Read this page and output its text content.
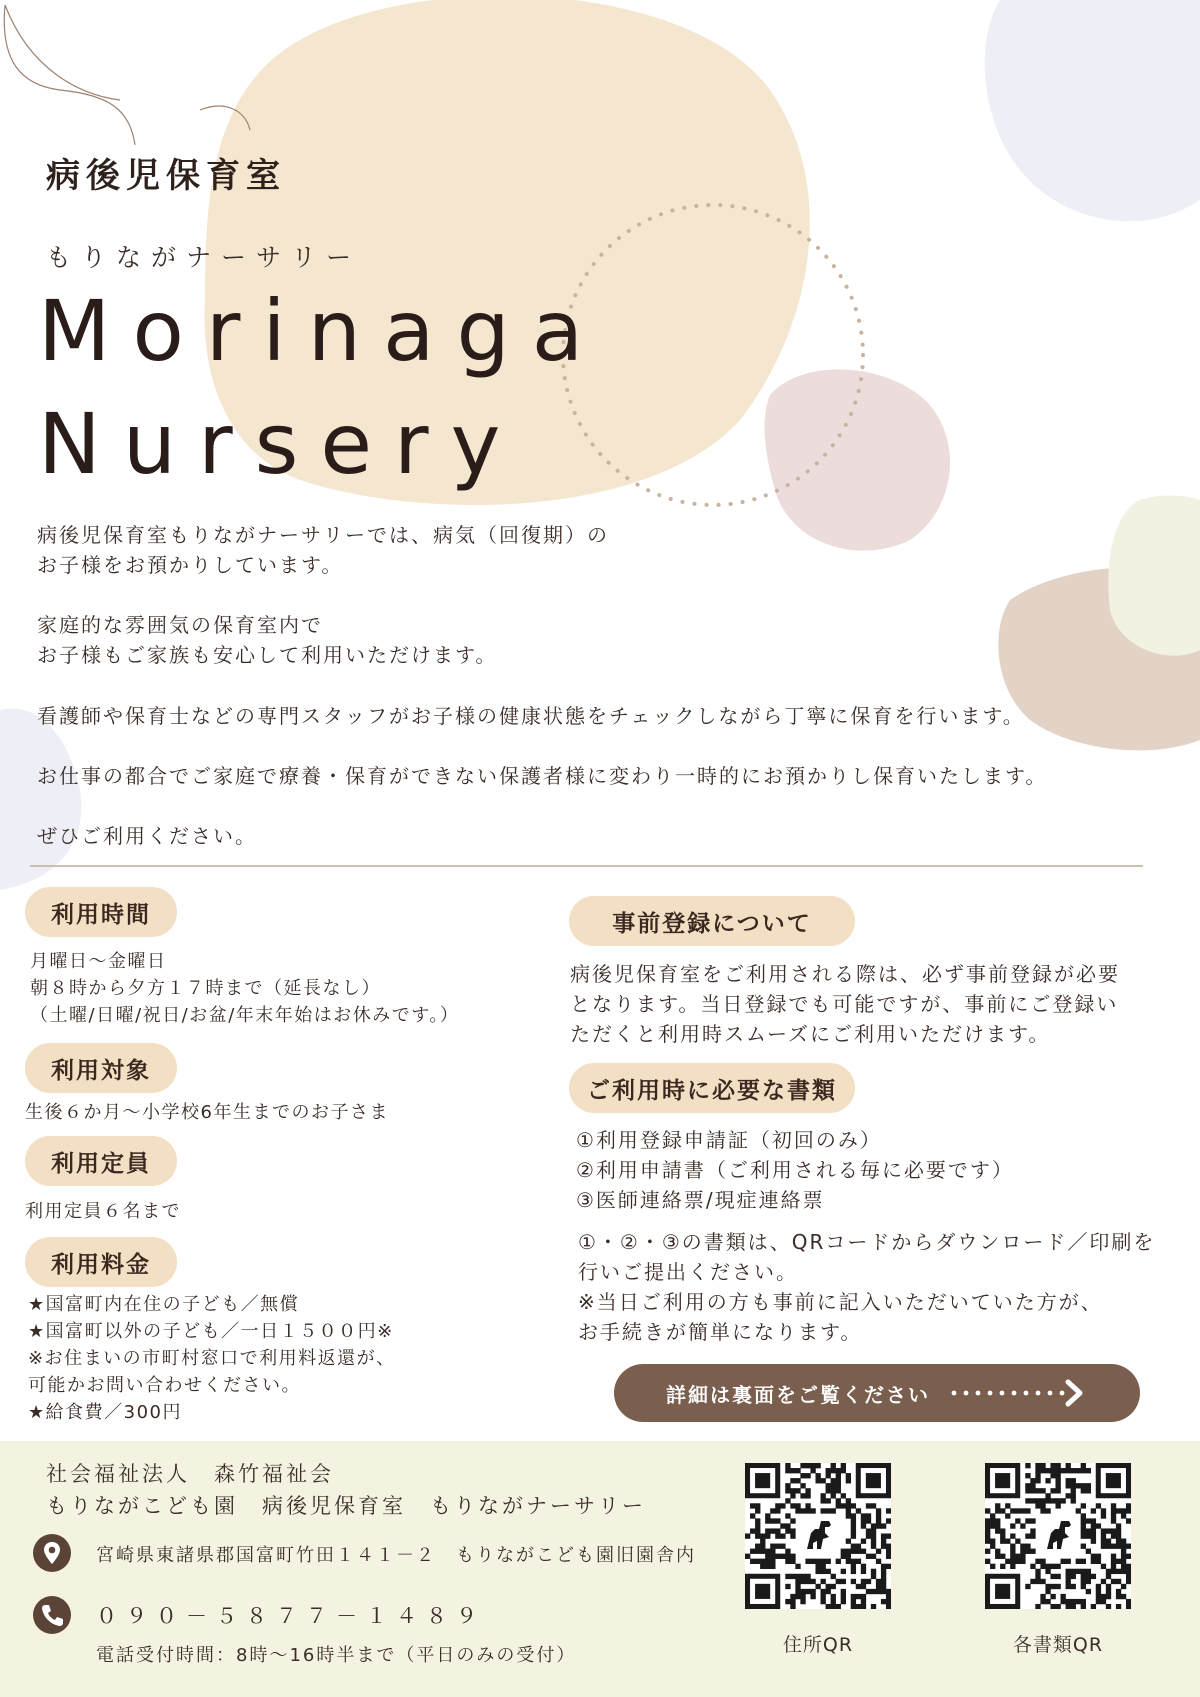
病後児保育室
もりながナーサリー
Morinaga
Nursery
病後児保育室もりながナーサリーでは、病気（回復期）の
お子様をお預かりしています。
家庭的な雰囲気の保育室内で
お子様もご家族も安心して利用いただけます。
看護師や保育士などの専門スタッフがお子様の健康状態をチェックしながら丁寧に保育を行います。
お仕事の都合でご家庭で療養・保育ができない保護者様に変わり一時的にお預かりし保育いたします。
ぜひご利用ください。
利用時間
月曜日～金曜日
朝８時から夕方１７時まで（延長なし）
（土曜/日曜/祝日/お盆/年末年始はお休みです。）
利用対象
生後６か月～小学校6年生までのお子さま
利用定員
利用定員６名まで
利用料金
★国富町内在住の子ども／無償
★国富町以外の子ども／一日１５００円※
※お住まいの市町村窓口で利用料返還が、
可能かお問い合わせください。
★給食費／300円
事前登録について
病後児保育室をご利用される際は、必ず事前登録が必要
となります。当日登録でも可能ですが、事前にご登録い
ただくと利用時スムーズにご利用いただけます。
ご利用時に必要な書類
①利用登録申請証（初回のみ）
②利用申請書（ご利用される毎に必要です）
③医師連絡票/現症連絡票
①・②・③の書類は、QRコードからダウンロード／印刷を
行いご提出ください。
※当日ご利用の方も事前に記入いただいていた方が、
お手続きが簡単になります。
詳細は裏面をご覧ください
社会福祉法人　森竹福祉会
もりながこども園　病後児保育室　もりながナーサリー
宮崎県東諸県郡国富町竹田１４１－２　もりながこども園旧園舎内
０９０－５８７７－１４８９
電話受付時間：8時～16時半まで（平日のみの受付）	住所QR	各書類QR
